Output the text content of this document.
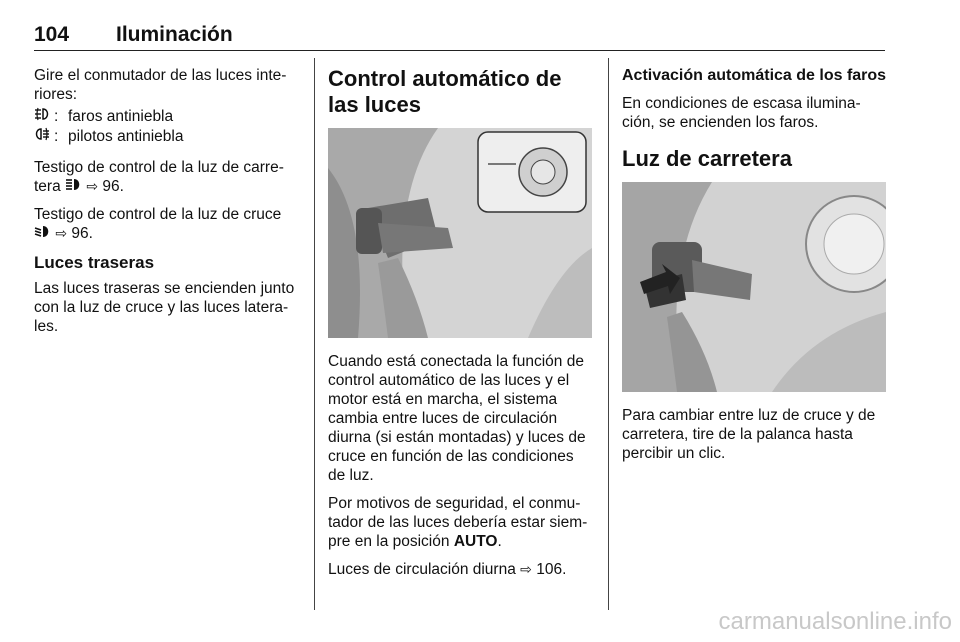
104 Iluminación

Gire el conmutador de las luces interiores:

: faros antiniebla
: pilotos antiniebla

Testigo de control de la luz de carretera ⇨ 96.

Testigo de control de la luz de cruce
⇨ 96.

Luces traseras

Las luces traseras se encienden junto con la luz de cruce y las luces laterales.

Control automático de las luces

Cuando está conectada la función de control automático de las luces y el motor está en marcha, el sistema cambia entre luces de circulación diurna (si están montadas) y luces de cruce en función de las condiciones de luz.

Por motivos de seguridad, el conmutador de las luces debería estar siempre en la posición AUTO.

Luces de circulación diurna ⇨ 106.

Activación automática de los faros

En condiciones de escasa iluminación, se encienden los faros.

Luz de carretera

Para cambiar entre luz de cruce y de carretera, tire de la palanca hasta percibir un clic.

carmanualsonline.info
